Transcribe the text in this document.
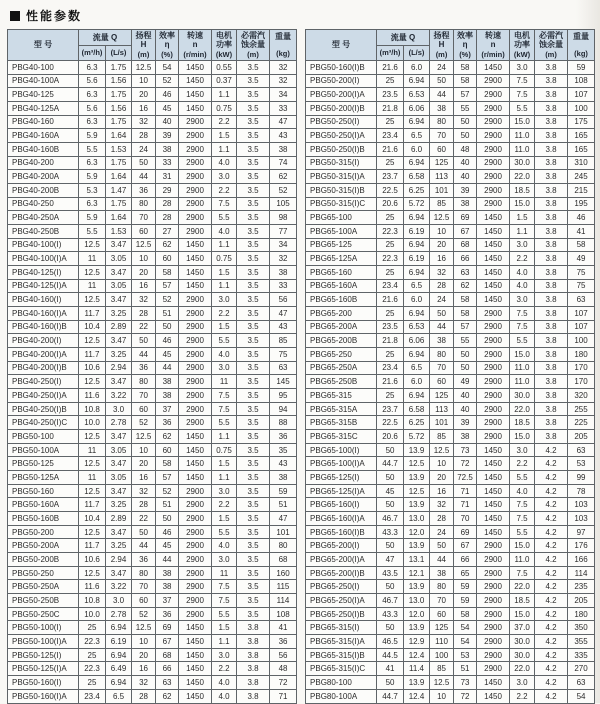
性能参数
型 号	流量 Q		扬程
H
(m)	效率
η
(%)	转速
n
(r/min)	电机
功率
(kW)	必需汽
蚀余量
(m)	重量
(kg)

	(m³/h)	(L/s)						

PBG40-100	6.3	1.75	12.5	54	1450	0.55	3.5	32
PBG40-100A	5.6	1.56	10	52	1450	0.37	3.5	32
PBG40-125	6.3	1.75	20	46	1450	1.1	3.5	34
PBG40-125A	5.6	1.56	16	45	1450	0.75	3.5	33
PBG40-160	6.3	1.75	32	40	2900	2.2	3.5	47
PBG40-160A	5.9	1.64	28	39	2900	1.5	3.5	43
PBG40-160B	5.5	1.53	24	38	2900	1.1	3.5	38
PBG40-200	6.3	1.75	50	33	2900	4.0	3.5	74
PBG40-200A	5.9	1.64	44	31	2900	3.0	3.5	62
PBG40-200B	5.3	1.47	36	29	2900	2.2	3.5	52
PBG40-250	6.3	1.75	80	28	2900	7.5	3.5	105
PBG40-250A	5.9	1.64	70	28	2900	5.5	3.5	98
PBG40-250B	5.5	1.53	60	27	2900	4.0	3.5	77
PBG40-100(I)	12.5	3.47	12.5	62	1450	1.1	3.5	34
PBG40-100(I)A	11	3.05	10	60	1450	0.75	3.5	32
PBG40-125(I)	12.5	3.47	20	58	1450	1.5	3.5	38
PBG40-125(I)A	11	3.05	16	57	1450	1.1	3.5	33
PBG40-160(I)	12.5	3.47	32	52	2900	3.0	3.5	56
PBG40-160(I)A	11.7	3.25	28	51	2900	2.2	3.5	47
PBG40-160(I)B	10.4	2.89	22	50	2900	1.5	3.5	43
PBG40-200(I)	12.5	3.47	50	46	2900	5.5	3.5	85
PBG40-200(I)A	11.7	3.25	44	45	2900	4.0	3.5	75
PBG40-200(I)B	10.6	2.94	36	44	2900	3.0	3.5	63
PBG40-250(I)	12.5	3.47	80	38	2900	11	3.5	145
PBG40-250(I)A	11.6	3.22	70	38	2900	7.5	3.5	95
PBG40-250(I)B	10.8	3.0	60	37	2900	7.5	3.5	94
PBG40-250(I)C	10.0	2.78	52	36	2900	5.5	3.5	88
PBG50-100	12.5	3.47	12.5	62	1450	1.1	3.5	36
PBG50-100A	11	3.05	10	60	1450	0.75	3.5	35
PBG50-125	12.5	3.47	20	58	1450	1.5	3.5	43
PBG50-125A	11	3.05	16	57	1450	1.1	3.5	38
PBG50-160	12.5	3.47	32	52	2900	3.0	3.5	59
PBG50-160A	11.7	3.25	28	51	2900	2.2	3.5	51
PBG50-160B	10.4	2.89	22	50	2900	1.5	3.5	47
PBG50-200	12.5	3.47	50	46	2900	5.5	3.5	101
PBG50-200A	11.7	3.25	44	45	2900	4.0	3.5	80
PBG50-200B	10.6	2.94	36	44	2900	3.0	3.5	68
PBG50-250	12.5	3.47	80	38	2900	11	3.5	160
PBG50-250A	11.6	3.22	70	38	2900	7.5	3.5	115
PBG50-250B	10.8	3.0	60	37	2900	7.5	3.5	114
PBG50-250C	10.0	2.78	52	36	2900	5.5	3.5	108
PBG50-100(I)	25	6.94	12.5	69	1450	1.5	3.8	41
PBG50-100(I)A	22.3	6.19	10	67	1450	1.1	3.8	36
PBG50-125(I)	25	6.94	20	68	1450	3.0	3.8	56
PBG50-125(I)A	22.3	6.49	16	66	1450	2.2	3.8	48
PBG50-160(I)	25	6.94	32	63	1450	4.0	3.8	72
PBG50-160(I)A	23.4	6.5	28	62	1450	4.0	3.8	71
型 号	流量 Q		扬程
H
(m)	效率
η
(%)	转速
n
(r/min)	电机
功率
(kW)	必需汽
蚀余量
(m)	重量
(kg)

	(m³/h)	(L/s)						

PBG50-160(I)B	21.6	6.0	24	58	1450	3.0	3.8	59
PBG50-200(I)	25	6.94	50	58	2900	7.5	3.8	108
PBG50-200(I)A	23.5	6.53	44	57	2900	7.5	3.8	107
PBG50-200(I)B	21.8	6.06	38	55	2900	5.5	3.8	100
PBG50-250(I)	25	6.94	80	50	2900	15.0	3.8	175
PBG50-250(I)A	23.4	6.5	70	50	2900	11.0	3.8	165
PBG50-250(I)B	21.6	6.0	60	48	2900	11.0	3.8	165
PBG50-315(I)	25	6.94	125	40	2900	30.0	3.8	310
PBG50-315(I)A	23.7	6.58	113	40	2900	22.0	3.8	245
PBG50-315(I)B	22.5	6.25	101	39	2900	18.5	3.8	215
PBG50-315(I)C	20.6	5.72	85	38	2900	15.0	3.8	195
PBG65-100	25	6.94	12.5	69	1450	1.5	3.8	46
PBG65-100A	22.3	6.19	10	67	1450	1.1	3.8	41
PBG65-125	25	6.94	20	68	1450	3.0	3.8	58
PBG65-125A	22.3	6.19	16	66	1450	2.2	3.8	49
PBG65-160	25	6.94	32	63	1450	4.0	3.8	75
PBG65-160A	23.4	6.5	28	62	1450	4.0	3.8	75
PBG65-160B	21.6	6.0	24	58	1450	3.0	3.8	63
PBG65-200	25	6.94	50	58	2900	7.5	3.8	107
PBG65-200A	23.5	6.53	44	57	2900	7.5	3.8	107
PBG65-200B	21.8	6.06	38	55	2900	5.5	3.8	100
PBG65-250	25	6.94	80	50	2900	15.0	3.8	180
PBG65-250A	23.4	6.5	70	50	2900	11.0	3.8	170
PBG65-250B	21.6	6.0	60	49	2900	11.0	3.8	170
PBG65-315	25	6.94	125	40	2900	30.0	3.8	320
PBG65-315A	23.7	6.58	113	40	2900	22.0	3.8	255
PBG65-315B	22.5	6.25	101	39	2900	18.5	3.8	225
PBG65-315C	20.6	5.72	85	38	2900	15.0	3.8	205
PBG65-100(I)	50	13.9	12.5	73	1450	3.0	4.2	63
PBG65-100(I)A	44.7	12.5	10	72	1450	2.2	4.2	53
PBG65-125(I)	50	13.9	20	72.5	1450	5.5	4.2	99
PBG65-125(I)A	45	12.5	16	71	1450	4.0	4.2	78
PBG65-160(I)	50	13.9	32	71	1450	7.5	4.2	103
PBG65-160(I)A	46.7	13.0	28	70	1450	7.5	4.2	103
PBG65-160(I)B	43.3	12.0	24	69	1450	5.5	4.2	97
PBG65-200(I)	50	13.9	50	67	2900	15.0	4.2	176
PBG65-200(I)A	47	13.1	44	66	2900	11.0	4.2	166
PBG65-200(I)B	43.5	12.1	38	65	2900	7.5	4.2	114
PBG65-250(I)	50	13.9	80	59	2900	22.0	4.2	235
PBG65-250(I)A	46.7	13.0	70	59	2900	18.5	4.2	205
PBG65-250(I)B	43.3	12.0	60	58	2900	15.0	4.2	180
PBG65-315(I)	50	13.9	125	54	2900	37.0	4.2	350
PBG65-315(I)A	46.5	12.9	110	54	2900	30.0	4.2	355
PBG65-315(I)B	44.5	12.4	100	53	2900	30.0	4.2	335
PBG65-315(I)C	41	11.4	85	51	2900	22.0	4.2	270
PBG80-100	50	13.9	12.5	73	1450	3.0	4.2	63
PBG80-100A	44.7	12.4	10	72	1450	2.2	4.2	54
